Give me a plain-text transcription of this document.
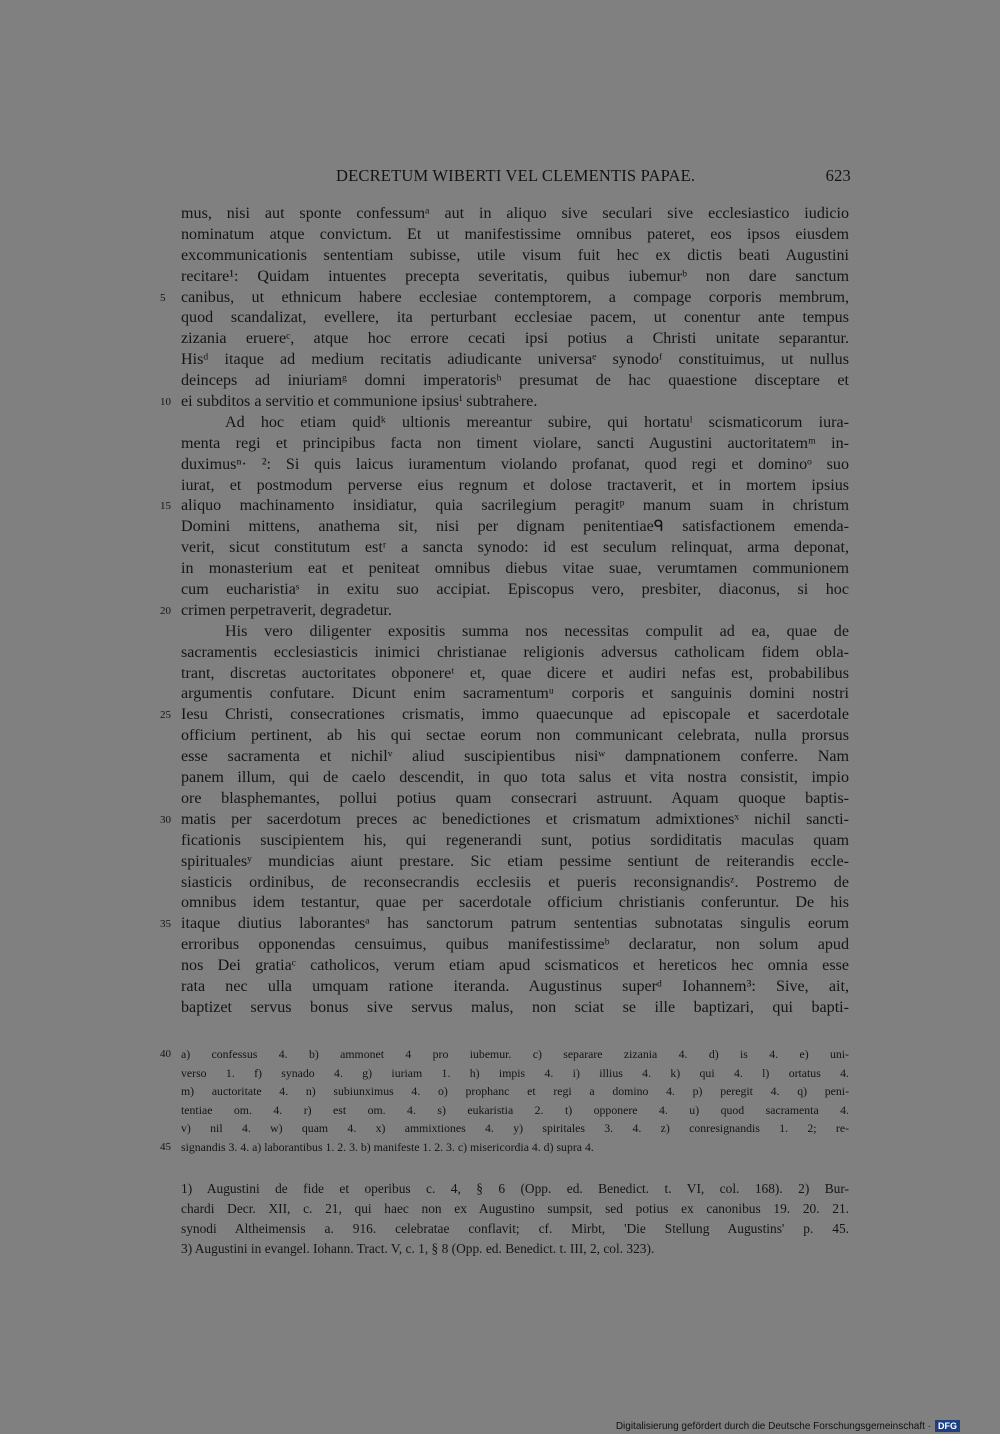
DECRETUM WIBERTI VEL CLEMENTIS PAPAE.	623
mus, nisi aut sponte confessumᵃ aut in aliquo sive seculari sive ecclesiastico iudicio
nominatum atque convictum. Et ut manifestissime omnibus pateret, eos ipsos eiusdem
excommunicationis sententiam subisse, utile visum fuit hec ex dictis beati Augustini
recitare¹: Quidam intuentes precepta severitatis, quibus iubemurᵇ non dare sanctum
5 canibus, ut ethnicum habere ecclesiae contemptorem, a compage corporis membrum,
quod scandalizat, evellere, ita perturbant ecclesiae pacem, ut conentur ante tempus
zizania eruereᶜ, atque hoc errore cecati ipsi potius a Christi unitate separantur.
Hisᵈ itaque ad medium recitatis adiudicante universaᵉ synodoᶠ constituimus, ut nullus
deinceps ad iniuriamᵍ domni imperatorisʰ presumat de hac quaestione disceptare et
10 ei subditos a servitio et communione ipsiusⁱ subtrahere.
Ad hoc etiam quidᵏ ultionis mereantur subire, qui hortatuˡ scismaticorum iura-
menta regi et principibus facta non timent violare, sancti Augustini auctoritatemᵐ in-
duximusⁿ· ²: Si quis laicus iuramentum violando profanat, quod regi et dominoᵒ suo
iurat, et postmodum perverse eius regnum et dolose tractaverit, et in mortem ipsius
15 aliquo machinamento insidiatur, quia sacrilegium peragitᵖ manum suam in christum
Domini mittens, anathema sit, nisi per dignam penitentiaeᑫ satisfactionem emenda-
verit, sicut constitutum estʳ a sancta synodo: id est seculum relinquat, arma deponat,
in monasterium eat et peniteat omnibus diebus vitae suae, verumtamen communionem
cum eucharistiaˢ in exitu suo accipiat. Episcopus vero, presbiter, diaconus, si hoc
20 crimen perpetraverit, degradetur.
His vero diligenter expositis summa nos necessitas compulit ad ea, quae de
sacramentis ecclesiasticis inimici christianae religionis adversus catholicam fidem obla-
trant, discretas auctoritates obponereᵗ et, quae dicere et audiri nefas est, probabilibus
argumentis confutare. Dicunt enim sacramentumᵘ corporis et sanguinis domini nostri
25 Iesu Christi, consecrationes crismatis, immo quaecunque ad episcopale et sacerdotale
officium pertinent, ab his qui sectae eorum non communicant celebrata, nulla prorsus
esse sacramenta et nichilᵛ aliud suscipientibus nisiʷ dampnationem conferre. Nam
panem illum, qui de caelo descendit, in quo tota salus et vita nostra consistit, impio
ore blasphemantes, pollui potius quam consecrari astruunt. Aquam quoque baptis-
30 matis per sacerdotum preces ac benedictiones et crismatum admixtionesˣ nichil sancti-
ficationis suscipientem his, qui regenerandi sunt, potius sordiditatis maculas quam
spiritualesʸ mundicias aiunt prestare. Sic etiam pessime sentiunt de reiterandis eccle-
siasticis ordinibus, de reconsecrandis ecclesiis et pueris reconsignandisᶻ. Postremo de
omnibus idem testantur, quae per sacerdotale officium christianis conferuntur. De his
35 itaque diutius laborantesᵃ has sanctorum patrum sententias subnotatas singulis eorum
erroribus opponendas censuimus, quibus manifestissimeᵇ declaratur, non solum apud
nos Dei gratiaᶜ catholicos, verum etiam apud scismaticos et hereticos hec omnia esse
rata nec ulla umquam ratione iteranda. Augustinus superᵈ Iohannem³: Sive, ait,
baptizet servus bonus sive servus malus, non sciat se ille baptizari, qui bapti-
40 a) confessus 4. b) ammonet 4 pro iubemur. c) separare zizania 4. d) is 4. e) uni-
verso 1. f) synado 4. g) iuriam 1. h) impis 4. i) illius 4. k) qui 4. l) ortatus 4.
m) auctoritate 4. n) subiunximus 4. o) prophanc et regi a domino 4. p) peregit 4. q) peni-
tentiae om. 4. r) est om. 4. s) eukaristia 2. t) opponere 4. u) quod sacramenta 4.
v) nil 4. w) quam 4. x) ammixtiones 4. y) spiritales 3. 4. z) conresignandis 1. 2; re-
45 signandis 3. 4. a) laborantibus 1. 2. 3. b) manifeste 1. 2. 3. c) misericordia 4. d) supra 4.
1) Augustini de fide et operibus c. 4, § 6 (Opp. ed. Benedict. t. VI, col. 168). 2) Bur-
chardi Decr. XII, c. 21, qui haec non ex Augustino sumpsit, sed potius ex canonibus 19. 20. 21.
synodi Altheimensis a. 916. celebratae conflavit; cf. Mirbt, 'Die Stellung Augustins' p. 45.
3) Augustini in evangel. Iohann. Tract. V, c. 1, § 8 (Opp. ed. Benedict. t. III, 2, col. 323).
Digitalisierung gefördert durch die Deutsche Forschungsgemeinschaft · DFG
